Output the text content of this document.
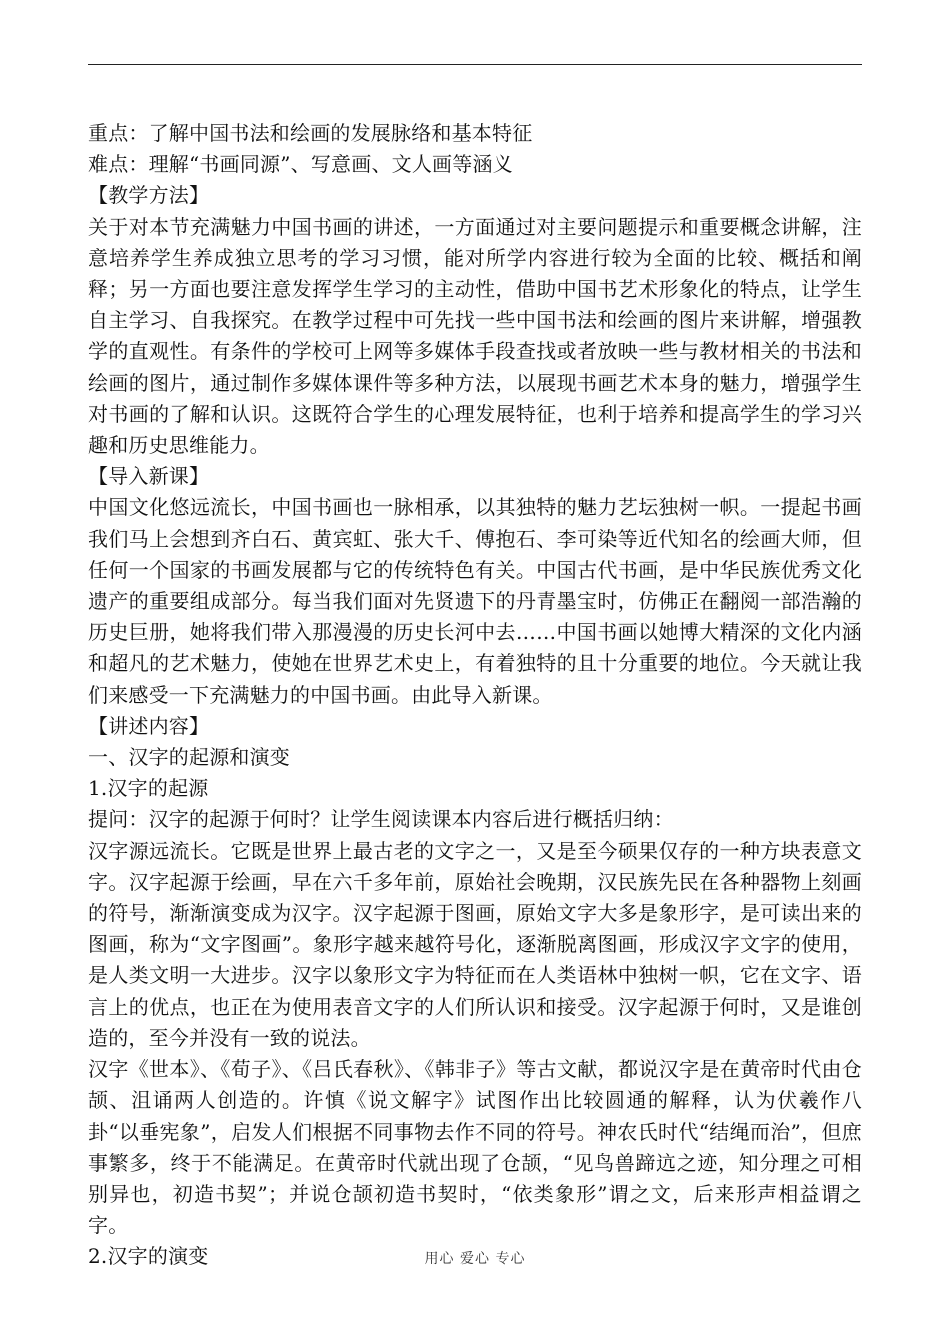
重点：了解中国书法和绘画的发展脉络和基本特征

难点：理解“书画同源”、写意画、文人画等涵义

【教学方法】

关于对本节充满魅力中国书画的讲述，一方面通过对主要问题提示和重要概念讲解，注意培养学生养成独立思考的学习习惯，能对所学内容进行较为全面的比较、概括和阐释；另一方面也要注意发挥学生学习的主动性，借助中国书艺术形象化的特点，让学生自主学习、自我探究。在教学过程中可先找一些中国书法和绘画的图片来讲解，增强教学的直观性。有条件的学校可上网等多媒体手段查找或者放映一些与教材相关的书法和绘画的图片，通过制作多媒体课件等多种方法，以展现书画艺术本身的魅力，增强学生对书画的了解和认识。这既符合学生的心理发展特征，也利于培养和提高学生的学习兴趣和历史思维能力。

【导入新课】

中国文化悠远流长，中国书画也一脉相承，以其独特的魅力艺坛独树一帜。一提起书画我们马上会想到齐白石、黄宾虹、张大千、傅抱石、李可染等近代知名的绘画大师，但任何一个国家的书画发展都与它的传统特色有关。中国古代书画，是中华民族优秀文化遗产的重要组成部分。每当我们面对先贤遗下的丹青墨宝时，仿佛正在翻阅一部浩瀚的历史巨册，她将我们带入那漫漫的历史长河中去……中国书画以她博大精深的文化内涵和超凡的艺术魅力，使她在世界艺术史上，有着独特的且十分重要的地位。今天就让我们来感受一下充满魅力的中国书画。由此导入新课。

【讲述内容】

一、汉字的起源和演变

1.汉字的起源

提问：汉字的起源于何时？让学生阅读课本内容后进行概括归纳：

汉字源远流长。它既是世界上最古老的文字之一，又是至今硕果仅存的一种方块表意文字。汉字起源于绘画，早在六千多年前，原始社会晚期，汉民族先民在各种器物上刻画的符号，渐渐演变成为汉字。汉字起源于图画，原始文字大多是象形字，是可读出来的图画，称为“文字图画”。象形字越来越符号化，逐渐脱离图画，形成汉字文字的使用，是人类文明一大进步。汉字以象形文字为特征而在人类语林中独树一帜，它在文字、语言上的优点，也正在为使用表音文字的人们所认识和接受。汉字起源于何时，又是谁创造的，至今并没有一致的说法。

汉字《世本》、《荀子》、《吕氏春秋》、《韩非子》等古文献，都说汉字是在黄帝时代由仓颉、沮诵两人创造的。许慎《说文解字》试图作出比较圆通的解释，认为伏羲作八卦“以垂宪象”，启发人们根据不同事物去作不同的符号。神农氏时代“结绳而治”，但庶事繁多，终于不能满足。在黄帝时代就出现了仓颉，“见鸟兽蹄迒之迹，知分理之可相别异也，初造书契”；并说仓颉初造书契时，“依类象形”谓之文，后来形声相益谓之字。

2.汉字的演变	用心 爱心 专心
